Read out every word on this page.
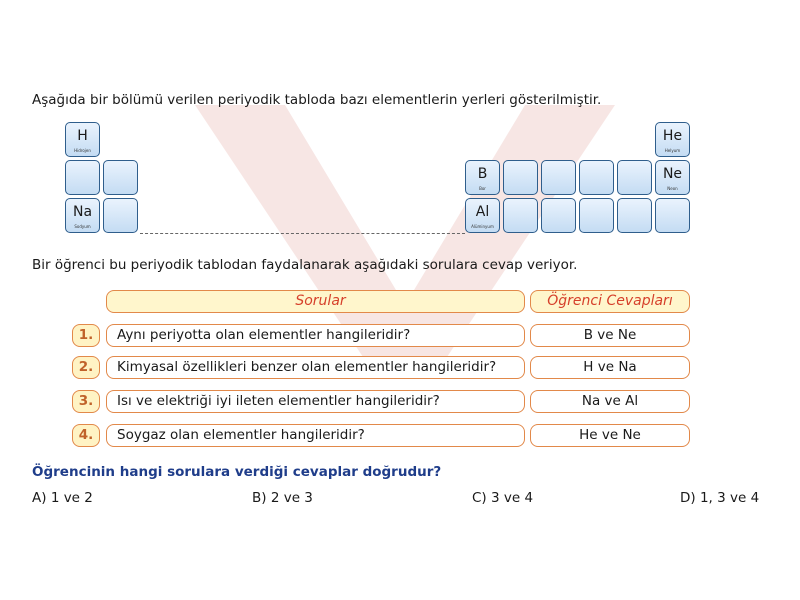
Aşağıda bir bölümü verilen periyodik tabloda bazı elementlerin yerleri gösterilmiştir.
H
Hidrojen
Na
Sodyum
B
Bor
Al
Alüminyum
He
Helyum
Ne
Neon
Bir öğrenci bu periyodik tablodan faydalanarak aşağıdaki sorulara cevap veriyor.
Sorular	Öğrenci Cevapları
1.	Aynı periyotta olan elementler hangileridir?	B ve Ne
2.	Kimyasal özellikleri benzer olan elementler hangileridir?	H ve Na
3.	Isı ve elektriği iyi ileten elementler hangileridir?	Na ve Al
4.	Soygaz olan elementler hangileridir?	He ve Ne
Öğrencinin hangi sorulara verdiği cevaplar doğrudur?
A) 1 ve 2	B) 2 ve 3	C) 3 ve 4	D) 1, 3 ve 4
